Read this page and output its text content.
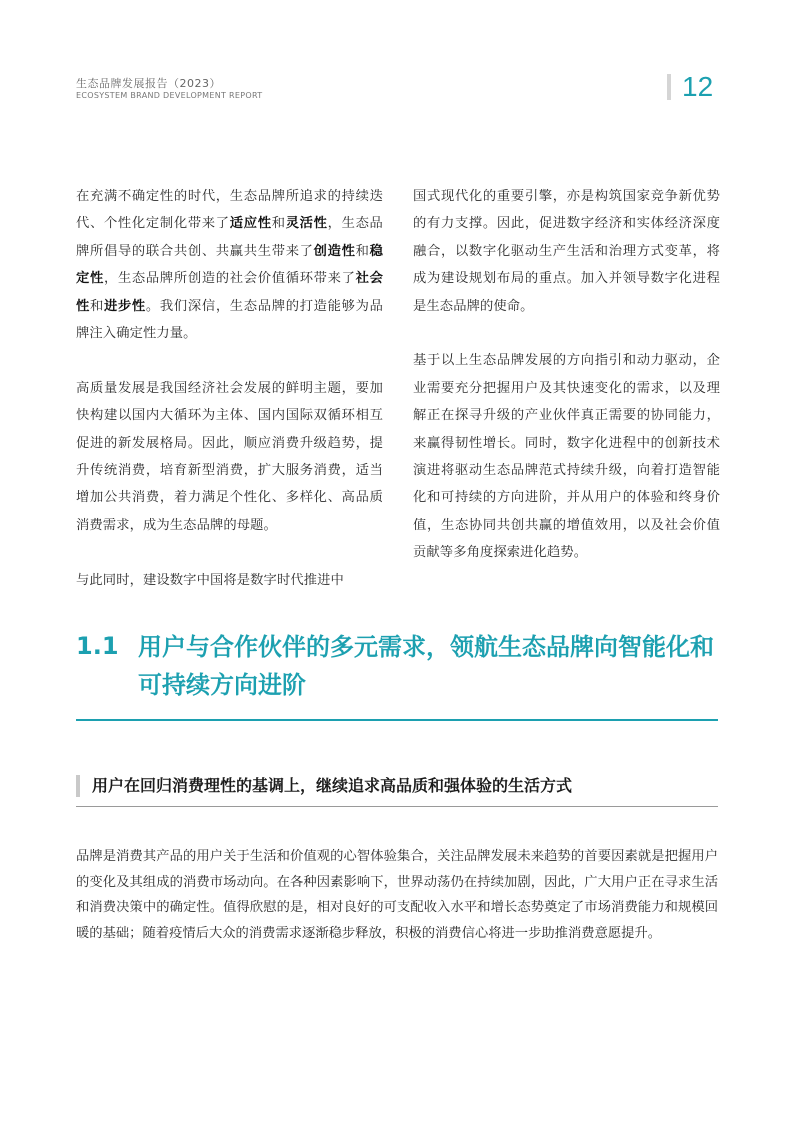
生态品牌发展报告（2023）
ECOSYSTEM BRAND DEVELOPMENT REPORT	12

在充满不确定性的时代，生态品牌所追求的持续迭代、个性化定制化带来了适应性和灵活性，生态品牌所倡导的联合共创、共赢共生带来了创造性和稳定性，生态品牌所创造的社会价值循环带来了社会性和进步性。我们深信，生态品牌的打造能够为品牌注入确定性力量。

高质量发展是我国经济社会发展的鲜明主题，要加快构建以国内大循环为主体、国内国际双循环相互促进的新发展格局。因此，顺应消费升级趋势，提升传统消费，培育新型消费，扩大服务消费，适当增加公共消费，着力满足个性化、多样化、高品质消费需求，成为生态品牌的母题。

与此同时，建设数字中国将是数字时代推进中

国式现代化的重要引擎，亦是构筑国家竞争新优势的有力支撑。因此，促进数字经济和实体经济深度融合，以数字化驱动生产生活和治理方式变革，将成为建设规划布局的重点。加入并领导数字化进程是生态品牌的使命。

基于以上生态品牌发展的方向指引和动力驱动，企业需要充分把握用户及其快速变化的需求，以及理解正在探寻升级的产业伙伴真正需要的协同能力，来赢得韧性增长。同时，数字化进程中的创新技术演进将驱动生态品牌范式持续升级，向着打造智能化和可持续的方向进阶，并从用户的体验和终身价值，生态协同共创共赢的增值效用，以及社会价值贡献等多角度探索进化趋势。

1.1 用户与合作伙伴的多元需求，领航生态品牌向智能化和可持续方向进阶
用户在回归消费理性的基调上，继续追求高品质和强体验的生活方式

品牌是消费其产品的用户关于生活和价值观的心智体验集合，关注品牌发展未来趋势的首要因素就是把握用户的变化及其组成的消费市场动向。在各种因素影响下，世界动荡仍在持续加剧，因此，广大用户正在寻求生活和消费决策中的确定性。值得欣慰的是，相对良好的可支配收入水平和增长态势奠定了市场消费能力和规模回暖的基础；随着疫情后大众的消费需求逐渐稳步释放，积极的消费信心将进一步助推消费意愿提升。
